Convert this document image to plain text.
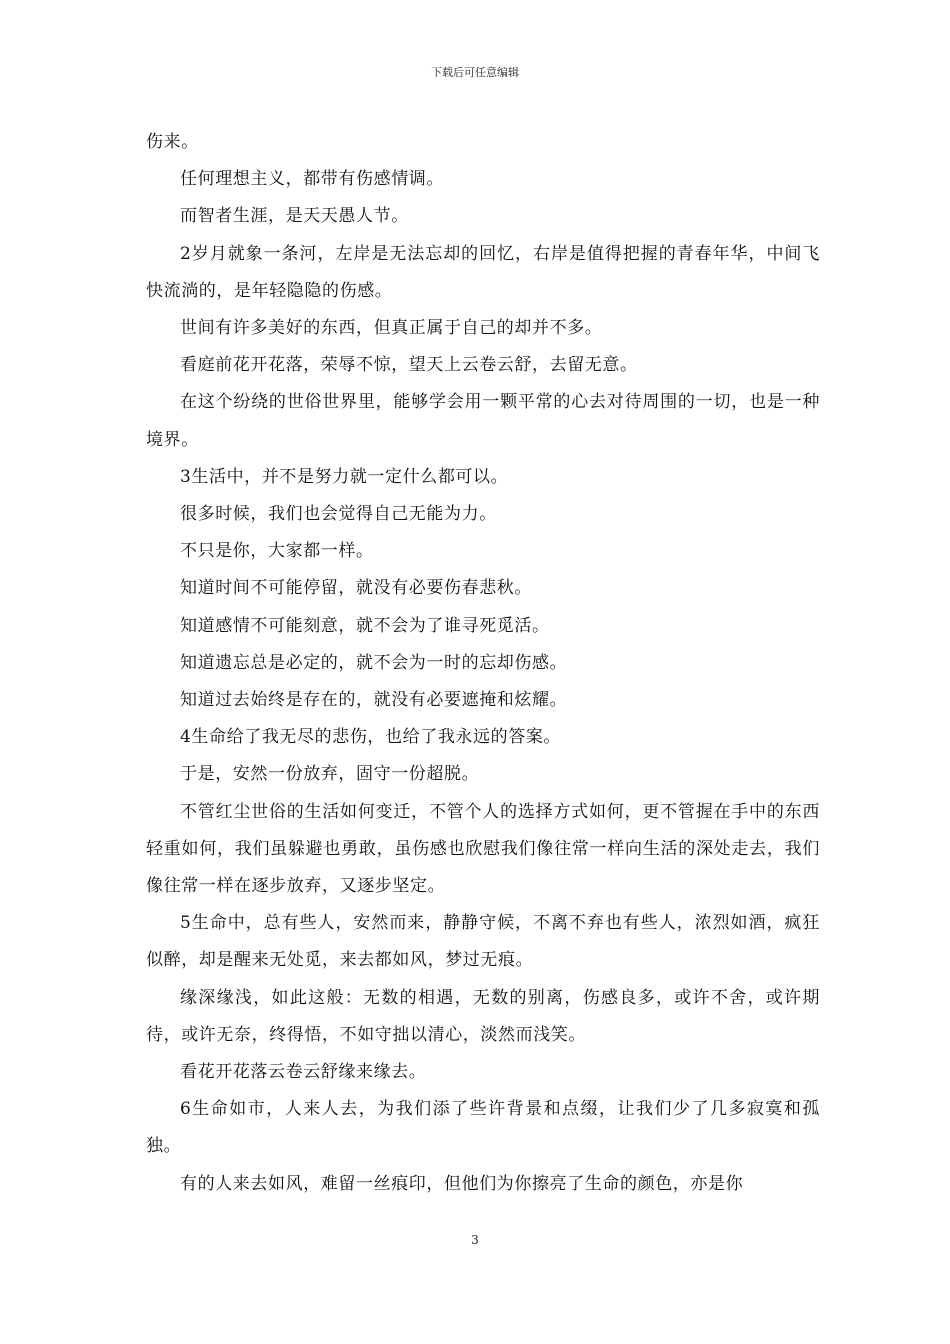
下载后可任意编辑

伤来。

任何理想主义，都带有伤感情调。

而智者生涯，是天天愚人节。

2岁月就象一条河，左岸是无法忘却的回忆，右岸是值得把握的青春年华，中间飞快流淌的，是年轻隐隐的伤感。

世间有许多美好的东西，但真正属于自己的却并不多。

看庭前花开花落，荣辱不惊，望天上云卷云舒，去留无意。

在这个纷绕的世俗世界里，能够学会用一颗平常的心去对待周围的一切，也是一种境界。

3生活中，并不是努力就一定什么都可以。

很多时候，我们也会觉得自己无能为力。

不只是你，大家都一样。

知道时间不可能停留，就没有必要伤春悲秋。

知道感情不可能刻意，就不会为了谁寻死觅活。

知道遗忘总是必定的，就不会为一时的忘却伤感。

知道过去始终是存在的，就没有必要遮掩和炫耀。

4生命给了我无尽的悲伤，也给了我永远的答案。

于是，安然一份放弃，固守一份超脱。

不管红尘世俗的生活如何变迁，不管个人的选择方式如何，更不管握在手中的东西轻重如何，我们虽躲避也勇敢，虽伤感也欣慰我们像往常一样向生活的深处走去，我们像往常一样在逐步放弃，又逐步坚定。

5生命中，总有些人，安然而来，静静守候，不离不弃也有些人，浓烈如酒，疯狂似醉，却是醒来无处觅，来去都如风，梦过无痕。

缘深缘浅，如此这般：无数的相遇，无数的别离，伤感良多，或许不舍，或许期待，或许无奈，终得悟，不如守拙以清心，淡然而浅笑。

看花开花落云卷云舒缘来缘去。

6生命如市，人来人去，为我们添了些许背景和点缀，让我们少了几多寂寞和孤独。

有的人来去如风，难留一丝痕印，但他们为你擦亮了生命的颜色，亦是你

3
